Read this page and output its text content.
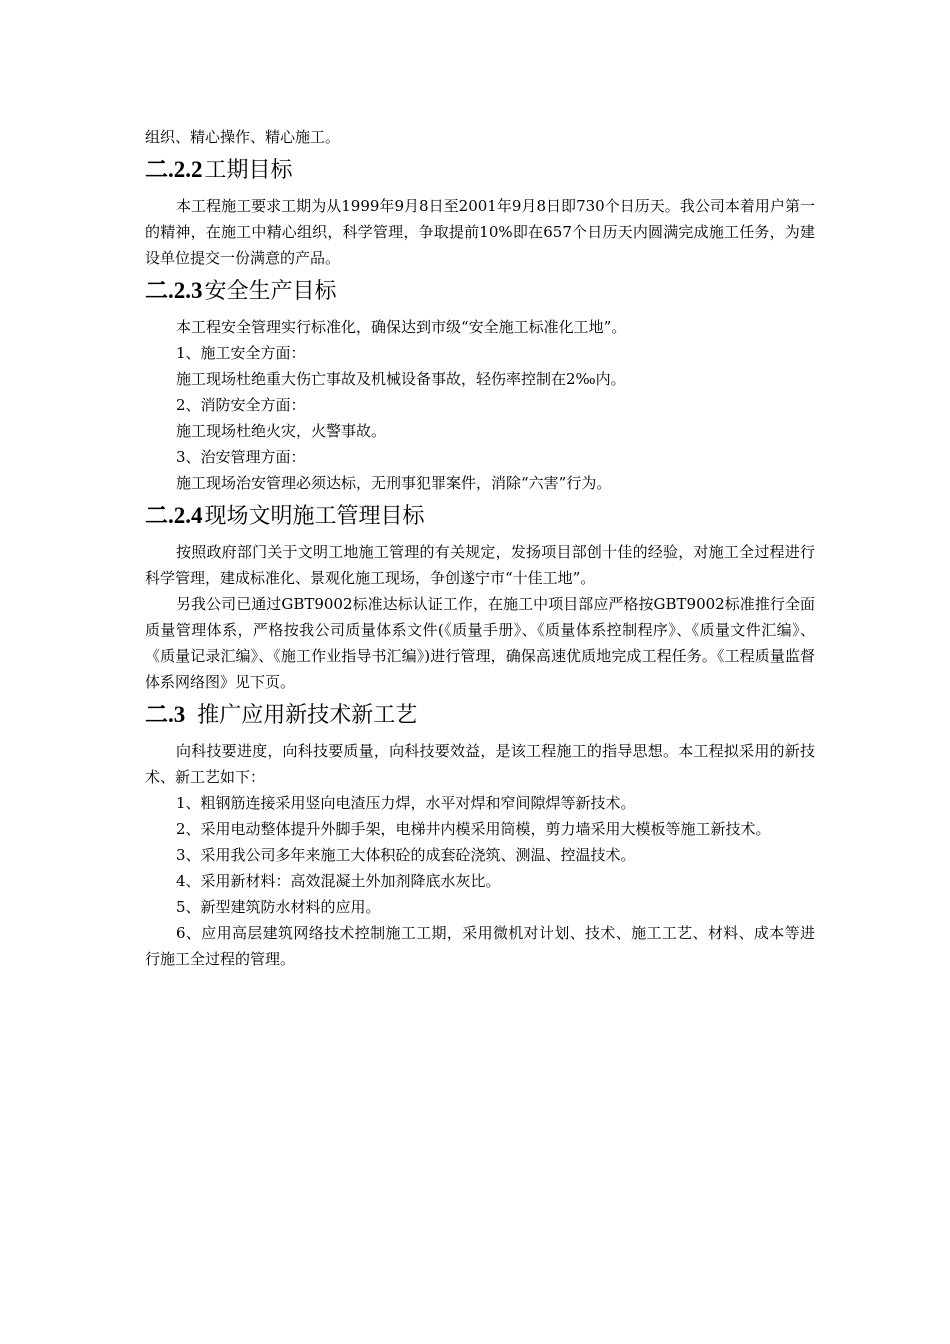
组织、精心操作、精心施工。

二.2.2工期目标

本工程施工要求工期为从1999年9月8日至2001年9月8日即730个日历天。我公司本着用户第一的精神，在施工中精心组织，科学管理，争取提前10%即在657个日历天内圆满完成施工任务，为建设单位提交一份满意的产品。

二.2.3安全生产目标

本工程安全管理实行标准化，确保达到市级“安全施工标准化工地”。

1、施工安全方面：

施工现场杜绝重大伤亡事故及机械设备事故，轻伤率控制在2‰内。

2、消防安全方面：

施工现场杜绝火灾，火警事故。

3、治安管理方面：

施工现场治安管理必须达标，无刑事犯罪案件，消除“六害”行为。

二.2.4现场文明施工管理目标

按照政府部门关于文明工地施工管理的有关规定，发扬项目部创十佳的经验，对施工全过程进行科学管理，建成标准化、景观化施工现场，争创遂宁市“十佳工地”。

另我公司已通过GBT9002标准达标认证工作，在施工中项目部应严格按GBT9002标准推行全面质量管理体系，严格按我公司质量体系文件(《质量手册》、《质量体系控制程序》、《质量文件汇编》、《质量记录汇编》、《施工作业指导书汇编》)进行管理，确保高速优质地完成工程任务。《工程质量监督体系网络图》见下页。

二.3 推广应用新技术新工艺

向科技要进度，向科技要质量，向科技要效益，是该工程施工的指导思想。本工程拟采用的新技术、新工艺如下：

1、粗钢筋连接采用竖向电渣压力焊，水平对焊和窄间隙焊等新技术。

2、采用电动整体提升外脚手架，电梯井内模采用筒模，剪力墙采用大模板等施工新技术。

3、采用我公司多年来施工大体积砼的成套砼浇筑、测温、控温技术。

4、采用新材料：高效混凝土外加剂降底水灰比。

5、新型建筑防水材料的应用。

6、应用高层建筑网络技术控制施工工期，采用微机对计划、技术、施工工艺、材料、成本等进行施工全过程的管理。
